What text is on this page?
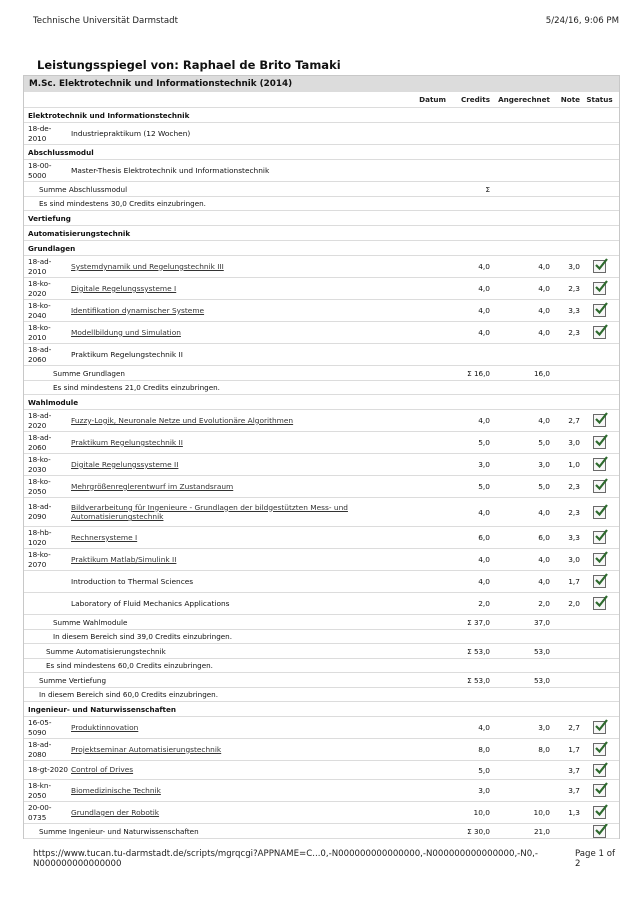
Technische Universität Darmstadt	5/24/16, 9:06 PM
Leistungsspiegel von: Raphael de Brito Tamaki
M.Sc. Elektrotechnik und Informationstechnik (2014)
		Datum	Credits	Angerechnet	Note	Status
Elektrotechnik und Informationstechnik						
18-de-2010	Industriepraktikum (12 Wochen)					
Abschlussmodul						
18-00-5000	Master-Thesis Elektrotechnik und Informationstechnik					
Summe Abschlussmodul			Σ			
Es sind mindestens 30,0 Credits einzubringen.						
Vertiefung						
Automatisierungstechnik						
Grundlagen						
18-ad-2010	Systemdynamik und Regelungstechnik III		4,0	4,0	3,0	

18-ko-2020	Digitale Regelungssysteme I		4,0	4,0	2,3	

18-ko-2040	Identifikation dynamischer Systeme		4,0	4,0	3,3	

18-ko-2010	Modellbildung und Simulation		4,0	4,0	2,3	

18-ad-2060	Praktikum Regelungstechnik II					
Summe Grundlagen			Σ 16,0	16,0		
Es sind mindestens 21,0 Credits einzubringen.						
Wahlmodule						
18-ad-2020	Fuzzy-Logik, Neuronale Netze und Evolutionäre Algorithmen		4,0	4,0	2,7	

18-ad-2060	Praktikum Regelungstechnik II		5,0	5,0	3,0	

18-ko-2030	Digitale Regelungssysteme II		3,0	3,0	1,0	

18-ko-2050	Mehrgrößenreglerentwurf im Zustandsraum		5,0	5,0	2,3	

18-ad-2090	Bildverarbeitung für Ingenieure - Grundlagen der bildgestützten Mess- und Automatisierungstechnik		4,0	4,0	2,3	

18-hb-1020	Rechnersysteme I		6,0	6,0	3,3	

18-ko-2070	Praktikum Matlab/Simulink II		4,0	4,0	3,0	

	Introduction to Thermal Sciences		4,0	4,0	1,7	

	Laboratory of Fluid Mechanics Applications		2,0	2,0	2,0	

Summe Wahlmodule			Σ 37,0	37,0		
In diesem Bereich sind 39,0 Credits einzubringen.						
Summe Automatisierungstechnik			Σ 53,0	53,0		
Es sind mindestens 60,0 Credits einzubringen.						
Summe Vertiefung			Σ 53,0	53,0		
In diesem Bereich sind 60,0 Credits einzubringen.						
Ingenieur- und Naturwissenschaften						
16-05-5090	Produktinnovation		4,0	3,0	2,7	

18-ad-2080	Projektseminar Automatisierungstechnik		8,0	8,0	1,7	

18-gt-2020	Control of Drives		5,0		3,7	

18-kn-2050	Biomedizinische Technik		3,0		3,7	

20-00-0735	Grundlagen der Robotik		10,0	10,0	1,3	

Summe Ingenieur- und Naturwissenschaften			Σ 30,0	21,0		
https://www.tucan.tu-darmstadt.de/scripts/mgrqcgi?APPNAME=C...0,-N000000000000000,-N000000000000000,-N0,-N000000000000000
Page 1 of 2
